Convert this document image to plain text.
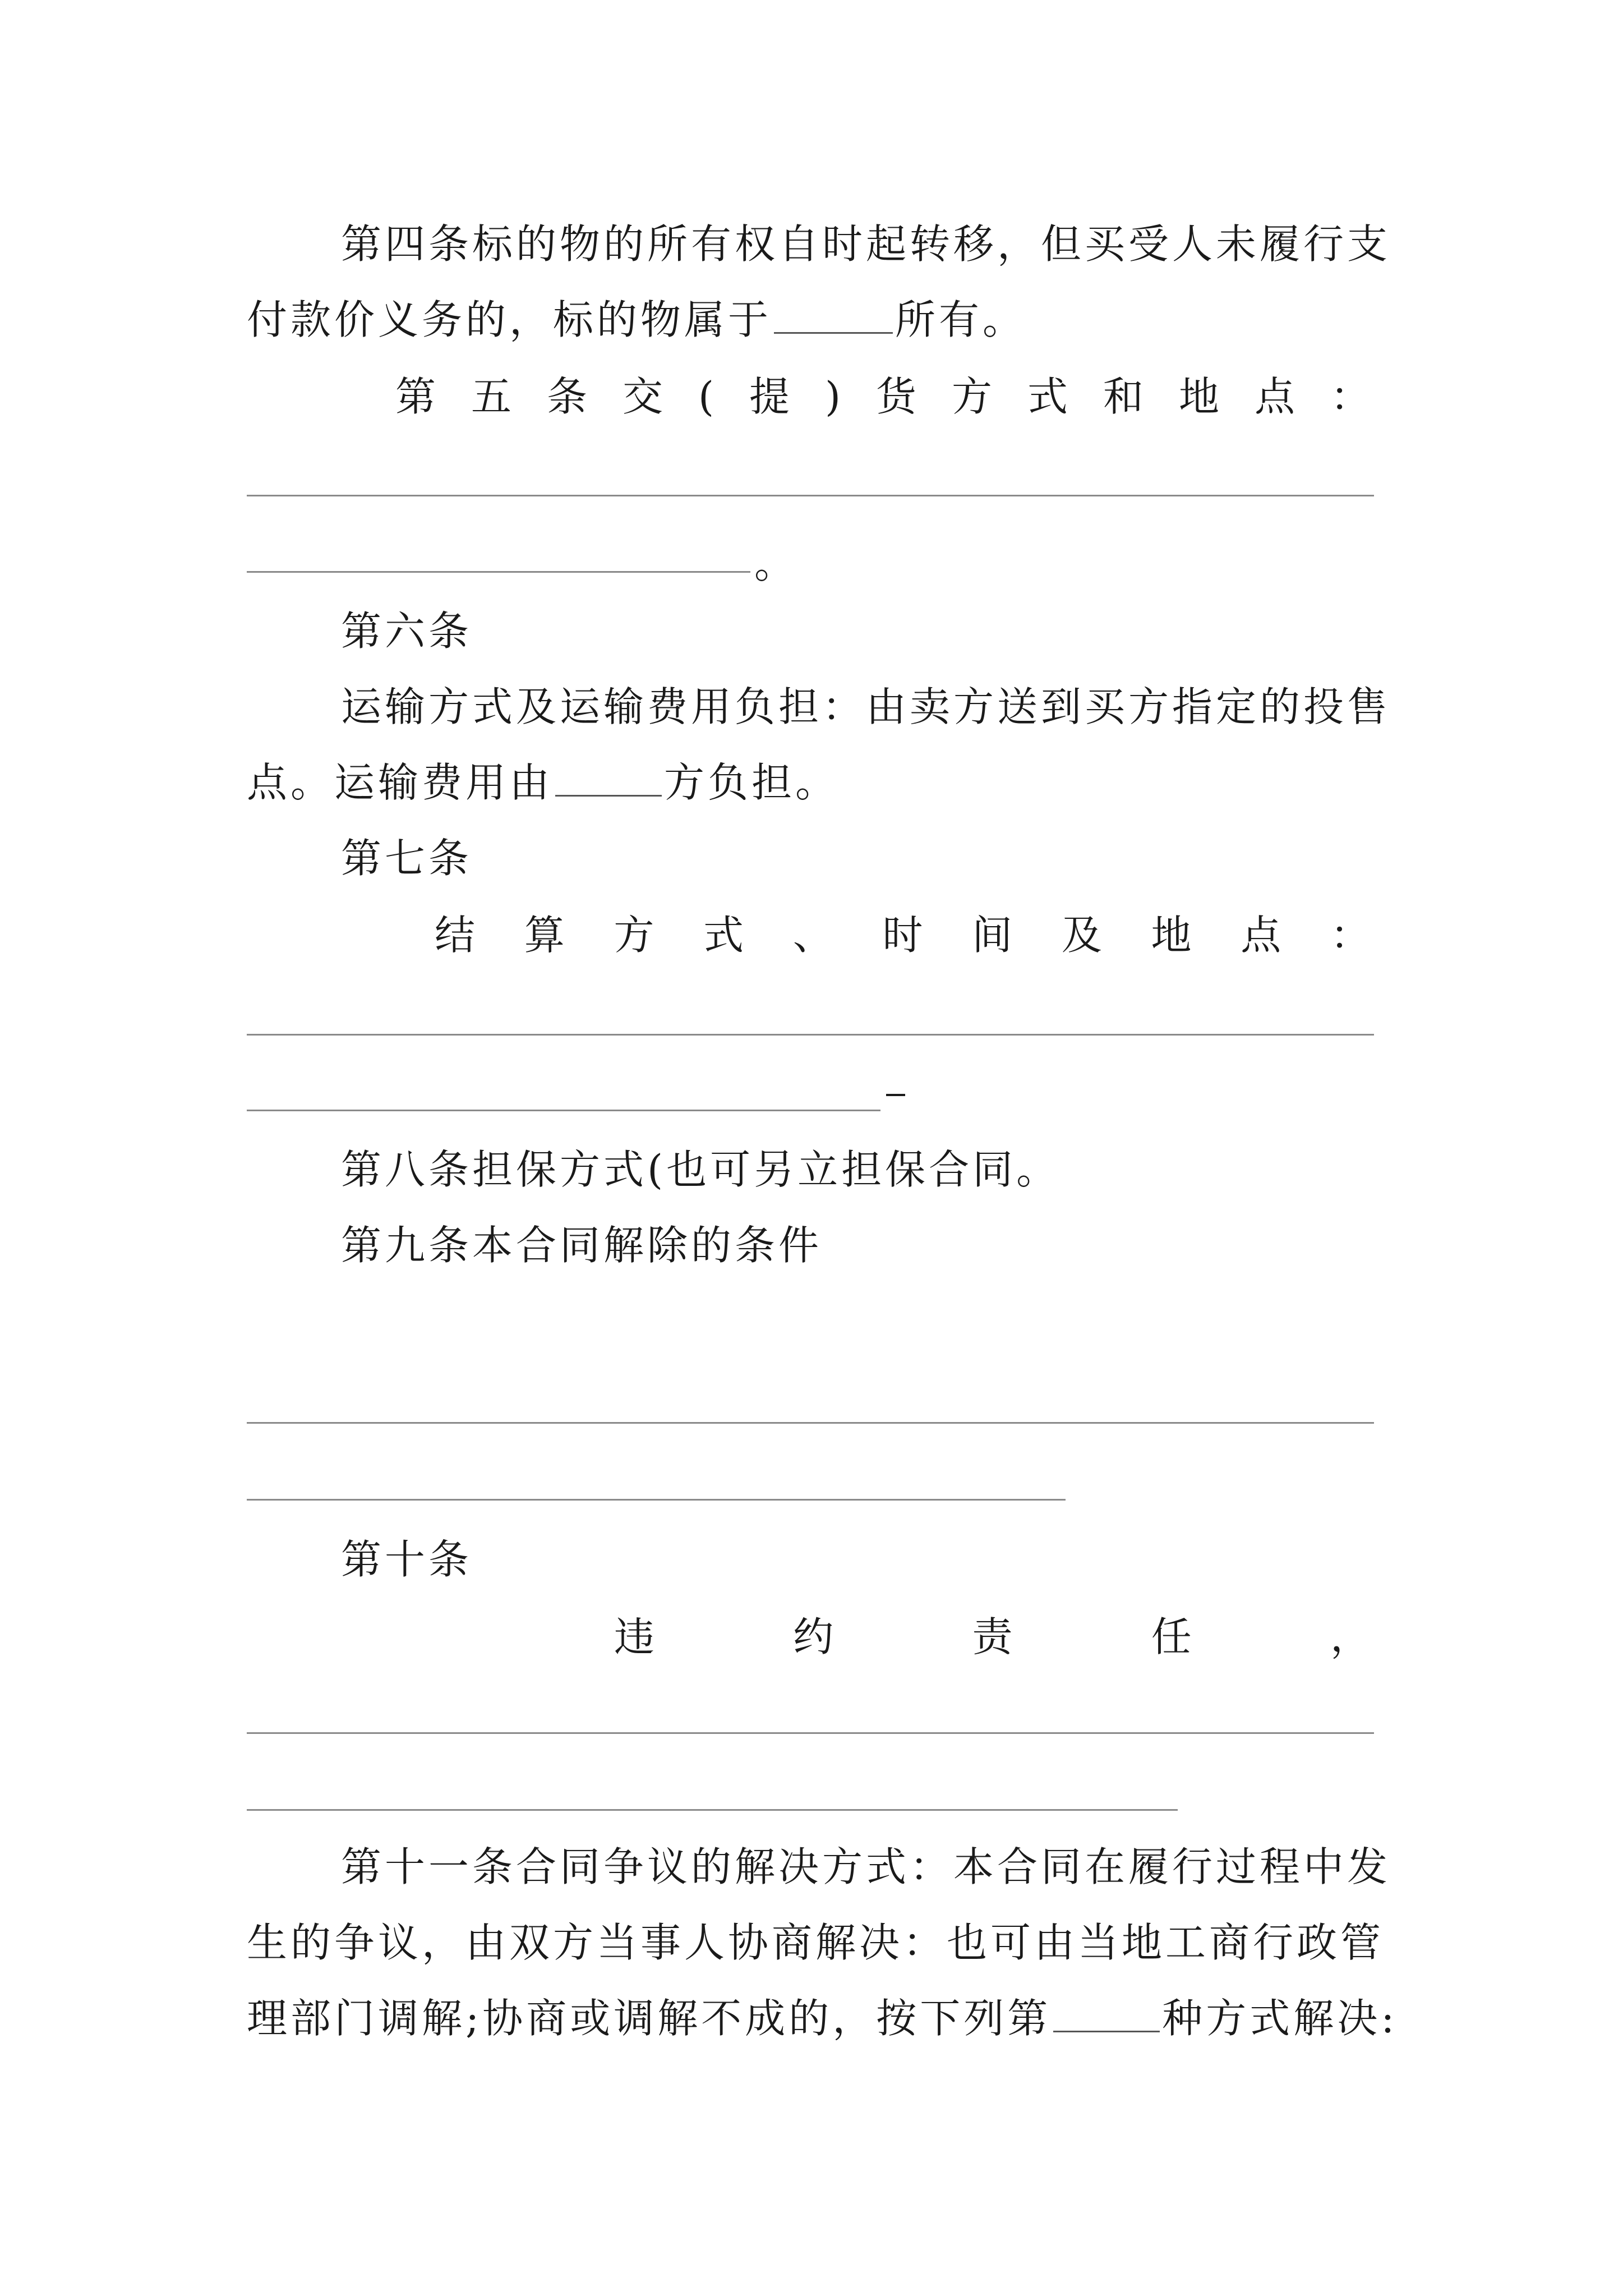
第四条标的物的所有权自时起转移，但买受人未履行支
付款价义务的，标的物属于	所有。
第 五 条 交 ( 提 ) 货 方 式 和 地 点 ：
。
第六条
运输方式及运输费用负担：由卖方送到买方指定的投售
点。运输费用由	方负担。
第七条
结 算 方 式 、 时 间 及 地 点 ：
第八条担保方式(也可另立担保合同。
第九条本合同解除的条件
第十条
违	约	责	任	，
第十一条合同争议的解决方式：本合同在履行过程中发
生的争议，由双方当事人协商解决：也可由当地工商行政管
理部门调解;协商或调解不成的，按下列第	种方式解决:
